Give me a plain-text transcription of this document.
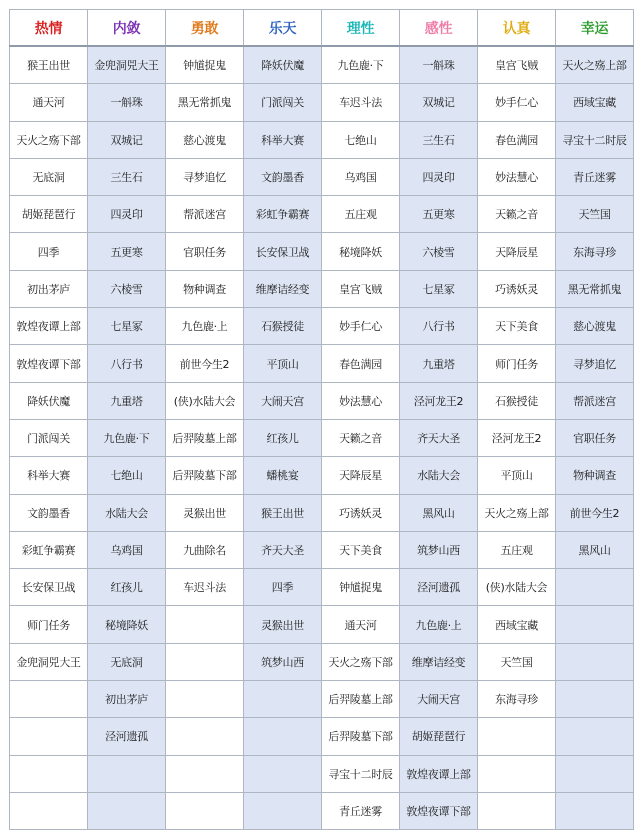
热情	内敛	勇敢	乐天	理性	感性	认真	幸运
猴王出世	金兜洞兕大王	钟馗捉鬼	降妖伏魔	九色鹿·下	一斛珠	皇宫飞贼	天火之殇上部
通天河	一斛珠	黑无常抓鬼	门派闯关	车迟斗法	双城记	妙手仁心	西域宝藏
天火之殇下部	双城记	慈心渡鬼	科举大赛	七绝山	三生石	春色满园	寻宝十二时辰
无底洞	三生石	寻梦追忆	文韵墨香	乌鸡国	四灵印	妙法慧心	青丘迷雾
胡姬琵琶行	四灵印	帮派迷宫	彩虹争霸赛	五庄观	五更寒	天籁之音	天竺国
四季	五更寒	官职任务	长安保卫战	秘境降妖	六棱雪	天降辰星	东海寻珍
初出茅庐	六棱雪	物种调查	维摩诘经变	皇宫飞贼	七星冢	巧诱妖灵	黑无常抓鬼
敦煌夜谭上部	七星冢	九色鹿·上	石猴授徒	妙手仁心	八行书	天下美食	慈心渡鬼
敦煌夜谭下部	八行书	前世今生2	平顶山	春色满园	九重塔	师门任务	寻梦追忆
降妖伏魔	九重塔	(侠)水陆大会	大闹天宫	妙法慧心	泾河龙王2	石猴授徒	帮派迷宫
门派闯关	九色鹿·下	后羿陵墓上部	红孩儿	天籁之音	齐天大圣	泾河龙王2	官职任务
科举大赛	七绝山	后羿陵墓下部	蟠桃宴	天降辰星	水陆大会	平顶山	物种调查
文韵墨香	水陆大会	灵猴出世	猴王出世	巧诱妖灵	黑风山	天火之殇上部	前世今生2
彩虹争霸赛	乌鸡国	九曲除名	齐天大圣	天下美食	筑梦山西	五庄观	黑风山
长安保卫战	红孩儿	车迟斗法	四季	钟馗捉鬼	泾河遗孤	(侠)水陆大会	
师门任务	秘境降妖		灵猴出世	通天河	九色鹿·上	西域宝藏	
金兜洞兕大王	无底洞		筑梦山西	天火之殇下部	维摩诘经变	天竺国	
	初出茅庐			后羿陵墓上部	大闹天宫	东海寻珍	
	泾河遗孤			后羿陵墓下部	胡姬琵琶行		
				寻宝十二时辰	敦煌夜谭上部		
				青丘迷雾	敦煌夜谭下部		
